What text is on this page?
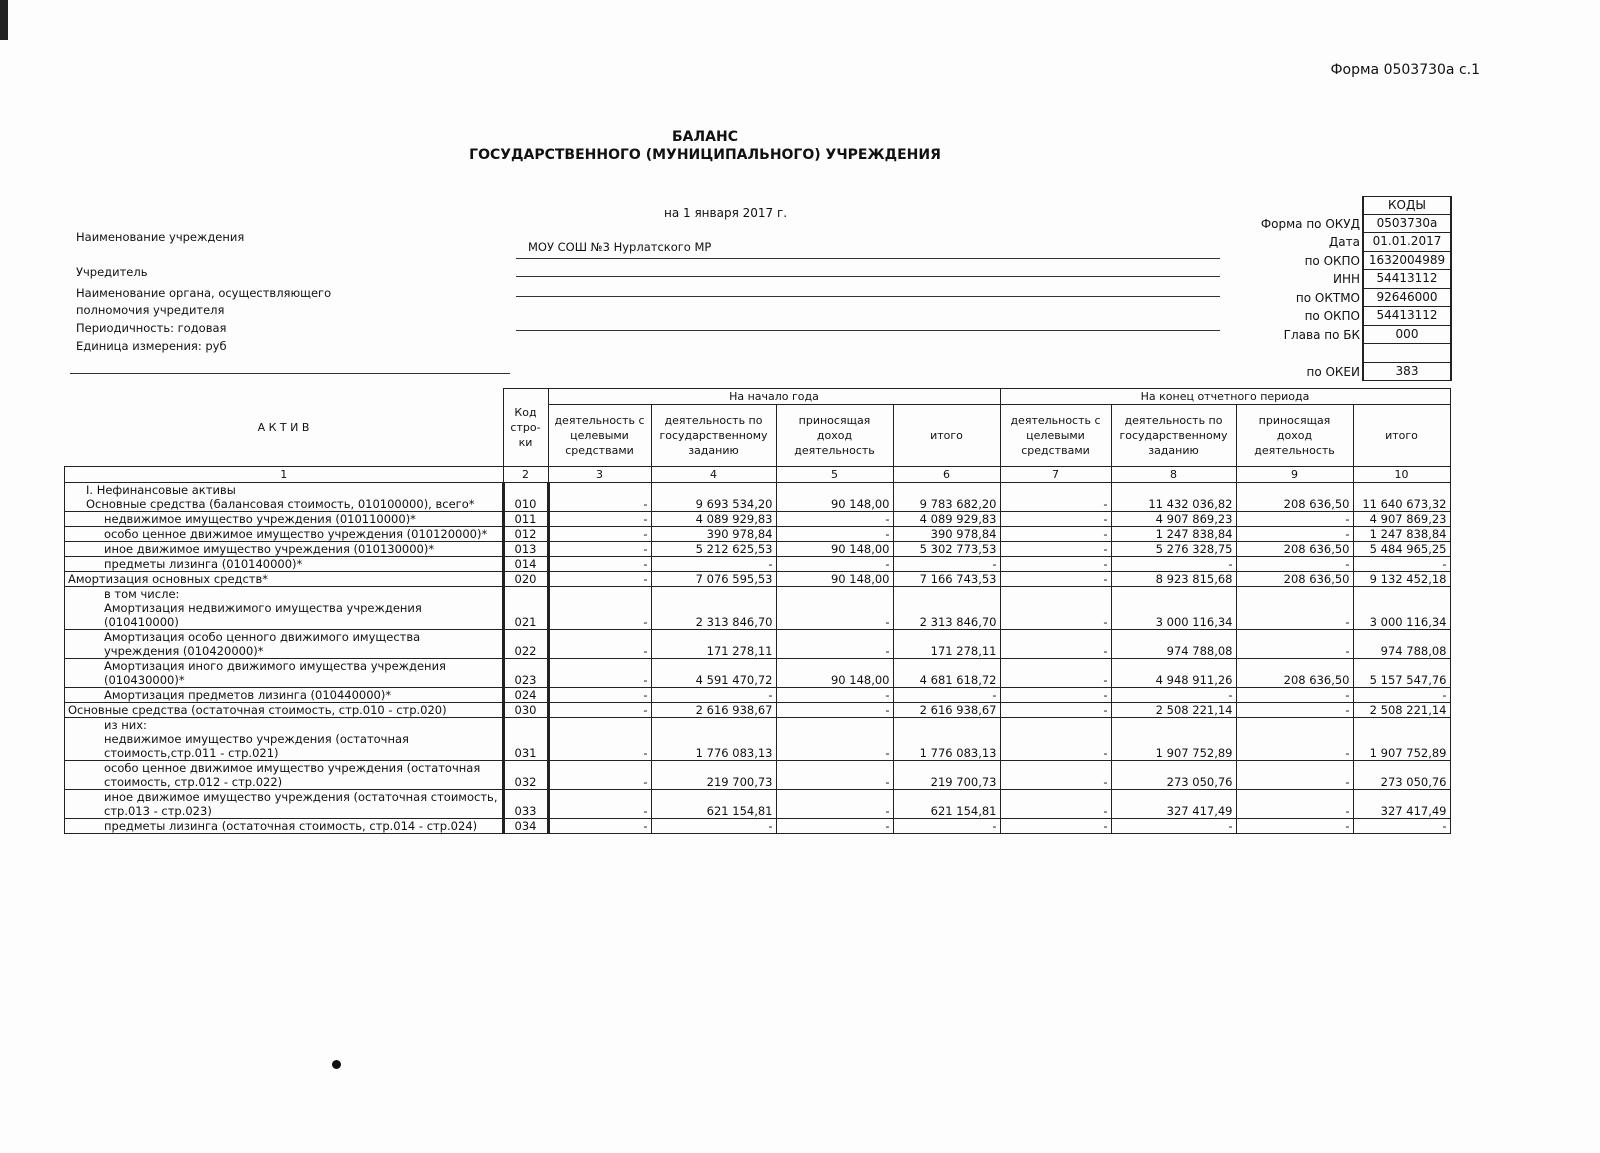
Форма 0503730а с.1
БАЛАНС
ГОСУДАРСТВЕННОГО (МУНИЦИПАЛЬНОГО) УЧРЕЖДЕНИЯ
на 1 января 2017 г.
Наименование учреждения
МОУ СОШ №3 Нурлатского МР
Учредитель
Наименование органа, осуществляющего
полномочия учредителя
Периодичность: годовая
Единица измерения: руб
КОДЫ
Форма по ОКУД	0503730а
Дата	01.01.2017
по ОКПО 1632004989
ИНН	54413112
по ОКТМО	92646000
по ОКПО	54413112
Глава по БК	000
по ОКЕИ	383
А К Т И В	Код стро-ки	На начало года				На конец отчетного периода			
		деятельность с целевыми средствами	деятельность по государственному заданию	приносящая доход деятельность	итого	деятельность с целевыми средствами	деятельность по государственному заданию	приносящая доход деятельность	итого
1	2	3	4	5	6	7	8	9	10

I. Нефинансовые активы
Основные средства (балансовая стоимость, 010100000), всего*	010	-	9 693 534,20	90 148,00	9 783 682,20	-	11 432 036,82	208 636,50	11 640 673,32

недвижимое имущество учреждения (010110000)*	011	-	4 089 929,83	-	4 089 929,83	-	4 907 869,23	-	4 907 869,23

особо ценное движимое имущество учреждения (010120000)*	012	-	390 978,84	-	390 978,84	-	1 247 838,84	-	1 247 838,84

иное движимое имущество учреждения (010130000)*	013	-	5 212 625,53	90 148,00	5 302 773,53	-	5 276 328,75	208 636,50	5 484 965,25

предметы лизинга (010140000)*	014	-	-	-	-	-	-	-	-

Амортизация основных средств*	020	-	7 076 595,53	90 148,00	7 166 743,53	-	8 923 815,68	208 636,50	9 132 452,18

в том числе:
Амортизация недвижимого имущества учреждения (010410000)	021	-	2 313 846,70	-	2 313 846,70	-	3 000 116,34	-	3 000 116,34

Амортизация особо ценного движимого имущества учреждения (010420000)*	022	-	171 278,11	-	171 278,11	-	974 788,08	-	974 788,08

Амортизация иного движимого имущества учреждения (010430000)*	023	-	4 591 470,72	90 148,00	4 681 618,72	-	4 948 911,26	208 636,50	5 157 547,76

Амортизация предметов лизинга (010440000)*	024	-	-	-	-	-	-	-	-

Основные средства (остаточная стоимость, стр.010 - стр.020)	030	-	2 616 938,67	-	2 616 938,67	-	2 508 221,14	-	2 508 221,14

из них:
недвижимое имущество учреждения (остаточная стоимость,стр.011 - стр.021)	031	-	1 776 083,13	-	1 776 083,13	-	1 907 752,89	-	1 907 752,89

особо ценное движимое имущество учреждения (остаточная стоимость, стр.012 - стр.022)	032	-	219 700,73	-	219 700,73	-	273 050,76	-	273 050,76

иное движимое имущество учреждения (остаточная стоимость, стр.013 - стр.023)	033	-	621 154,81	-	621 154,81	-	327 417,49	-	327 417,49

предметы лизинга (остаточная стоимость, стр.014 - стр.024)	034	-	-	-	-	-	-	-	-
